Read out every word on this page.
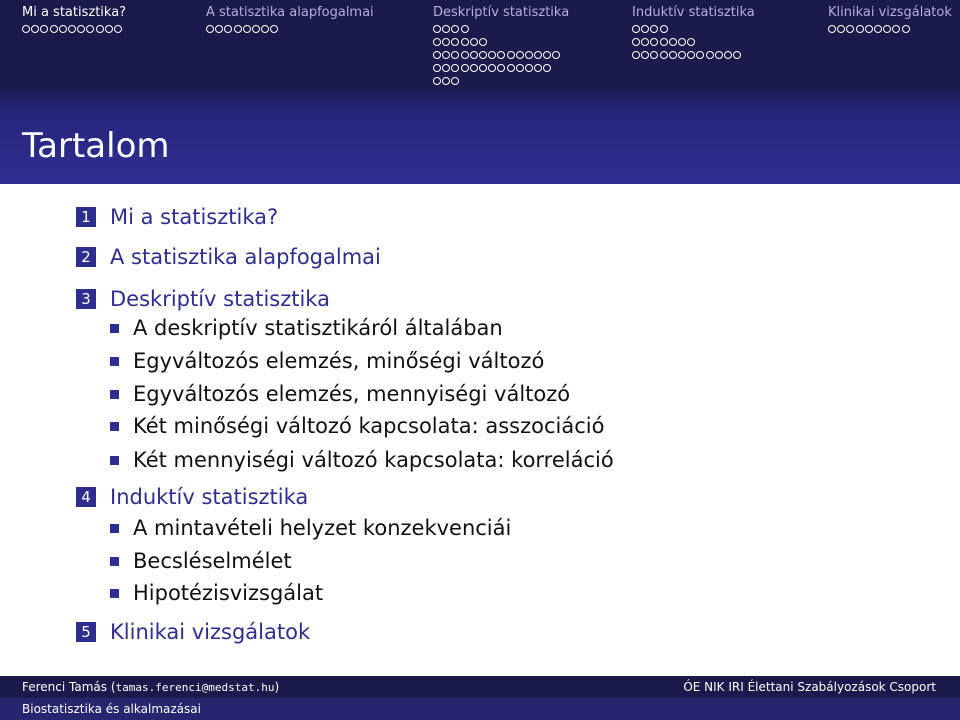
Mi a statisztika?	A statisztika alapfogalmai	Deskriptív statisztika	Induktív statisztika	Klinikai vizsgálatok
Tartalom
1 Mi a statisztika?
2 A statisztika alapfogalmai
3 Deskriptív statisztika
A deskriptív statisztikáról általában
Egyváltozós elemzés, minőségi változó
Egyváltozós elemzés, mennyiségi változó
Két minőségi változó kapcsolata: asszociáció
Két mennyiségi változó kapcsolata: korreláció
4 Induktív statisztika
A mintavételi helyzet konzekvenciái
Becsléselmélet
Hipotézisvizsgálat
5 Klinikai vizsgálatok
Ferenci Tamás (tamas.ferenci@medstat.hu)	ÓE NIK IRI Élettani Szabályozások Csoport
Biostatisztika és alkalmazásai
